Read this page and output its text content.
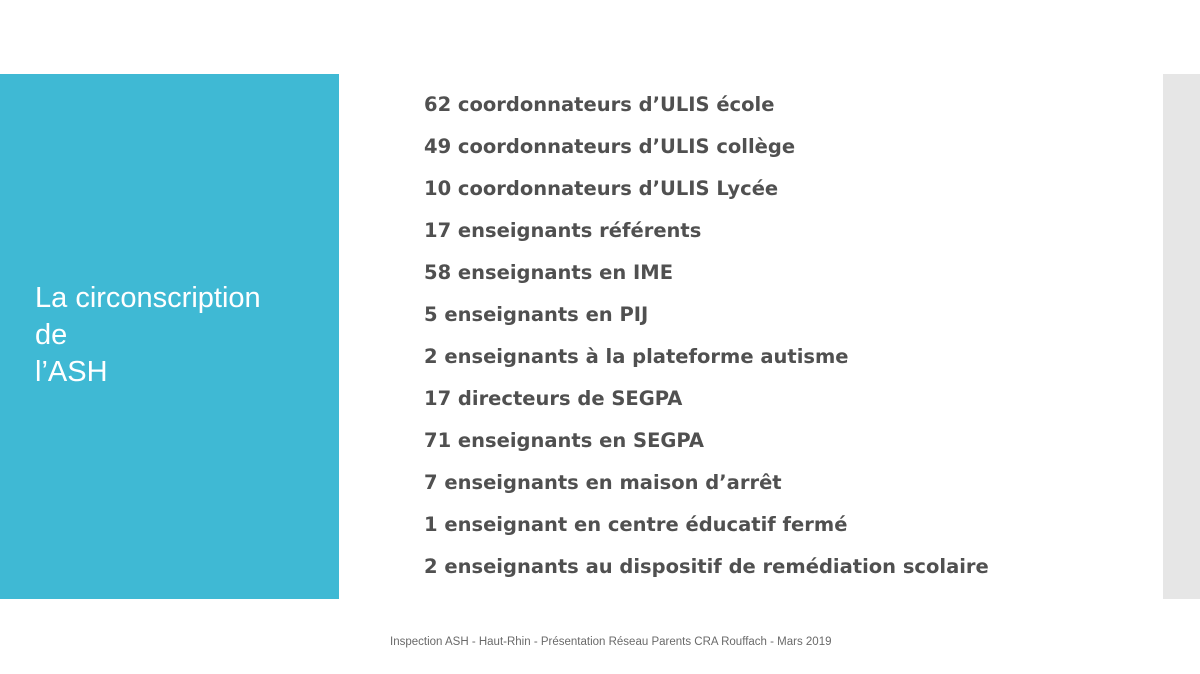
La circonscription
de
l’ASH
62 coordonnateurs d’ULIS école
49 coordonnateurs d’ULIS collège
10 coordonnateurs d’ULIS Lycée
17 enseignants référents
58 enseignants en IME
5 enseignants en PIJ
2 enseignants à la plateforme autisme
17 directeurs de SEGPA
71 enseignants en SEGPA
7 enseignants en maison d’arrêt
1 enseignant en centre éducatif fermé
2 enseignants au dispositif de remédiation scolaire
Inspection ASH - Haut-Rhin - Présentation Réseau Parents CRA Rouffach - Mars 2019
